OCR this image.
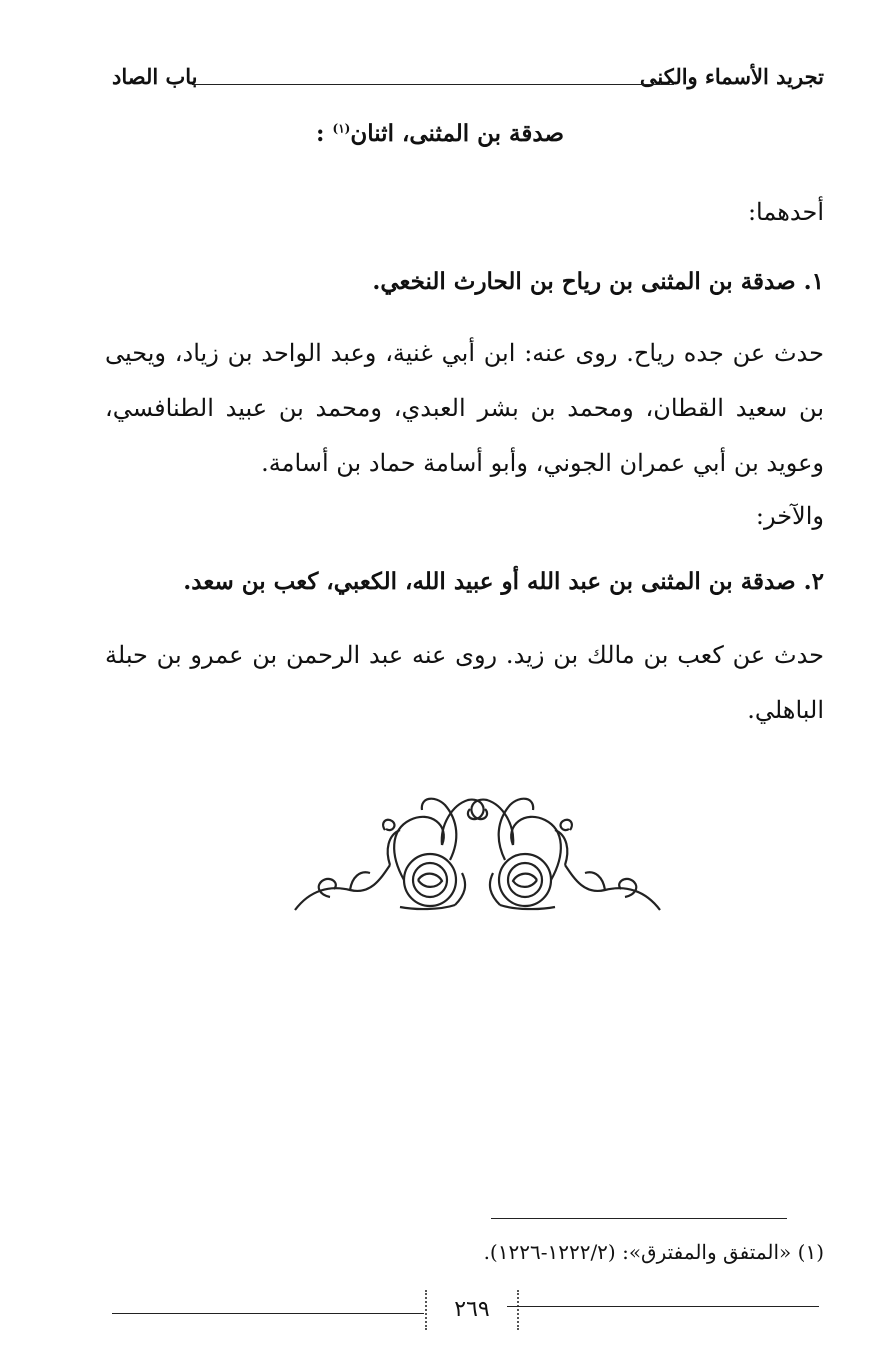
تجريد الأسماء والكنى
باب الصاد
صدقة بن المثنى، اثنان$^{(١)}$ :
أحدهما:
١. صدقة بن المثنى بن رياح بن الحارث النخعي.
حدث عن جده رياح. روى عنه: ابن أبي غنية، وعبد الواحد بن زياد، ويحيى بن سعيد القطان، ومحمد بن بشر العبدي، ومحمد بن عبيد الطنافسي، وعويد بن أبي عمران الجوني، وأبو أسامة حماد بن أسامة.
والآخر:
٢. صدقة بن المثنى بن عبد الله أو عبيد الله، الكعبي، كعب بن سعد.
حدث عن كعب بن مالك بن زيد. روى عنه عبد الرحمن بن عمرو بن حبلة الباهلي.
(١) «المتفق والمفترق»: (١٢٢٢/٢-١٢٢٦).
٢٦٩
